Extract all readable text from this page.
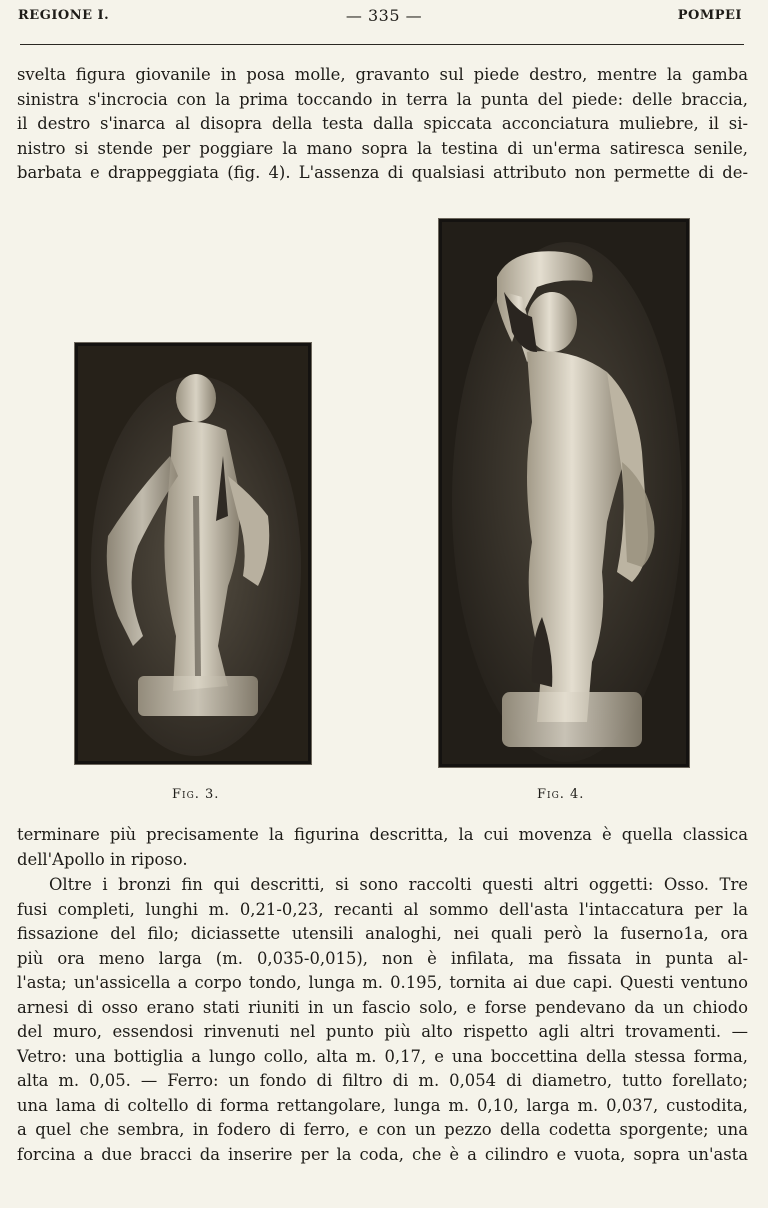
REGIONE I.	— 335 —	POMPEI
svelta figura giovanile in posa molle, gravanto sul piede destro, mentre la gamba
sinistra s'incrocia con la prima toccando in terra la punta del piede: delle braccia,
il destro s'inarca al disopra della testa dalla spiccata acconciatura muliebre, il si-
nistro si stende per poggiare la mano sopra la testina di un'erma satiresca senile,
barbata e drappeggiata (fig. 4). L'assenza di qualsiasi attributo non permette di de-
Fig. 3.	Fig. 4.
terminare più precisamente la figurina descritta, la cui movenza è quella classica
dell'Apollo in riposo.
Oltre i bronzi fin qui descritti, si sono raccolti questi altri oggetti: Osso. Tre
fusi completi, lunghi m. 0,21-0,23, recanti al sommo dell'asta l'intaccatura per la
fissazione del filo; diciassette utensili analoghi, nei quali però la fuserno1a, ora
più ora meno larga (m. 0,035-0,015), non è infilata, ma fissata in punta al-
l'asta; un'assicella a corpo tondo, lunga m. 0.195, tornita ai due capi. Questi ventuno
arnesi di osso erano stati riuniti in un fascio solo, e forse pendevano da un chiodo
del muro, essendosi rinvenuti nel punto più alto rispetto agli altri trovamenti. —
Vetro: una bottiglia a lungo collo, alta m. 0,17, e una boccettina della stessa forma,
alta m. 0,05. — Ferro: un fondo di filtro di m. 0,054 di diametro, tutto forellato;
una lama di coltello di forma rettangolare, lunga m. 0,10, larga m. 0,037, custodita,
a quel che sembra, in fodero di ferro, e con un pezzo della codetta sporgente; una
forcina a due bracci da inserire per la coda, che è a cilindro e vuota, sopra un'asta
